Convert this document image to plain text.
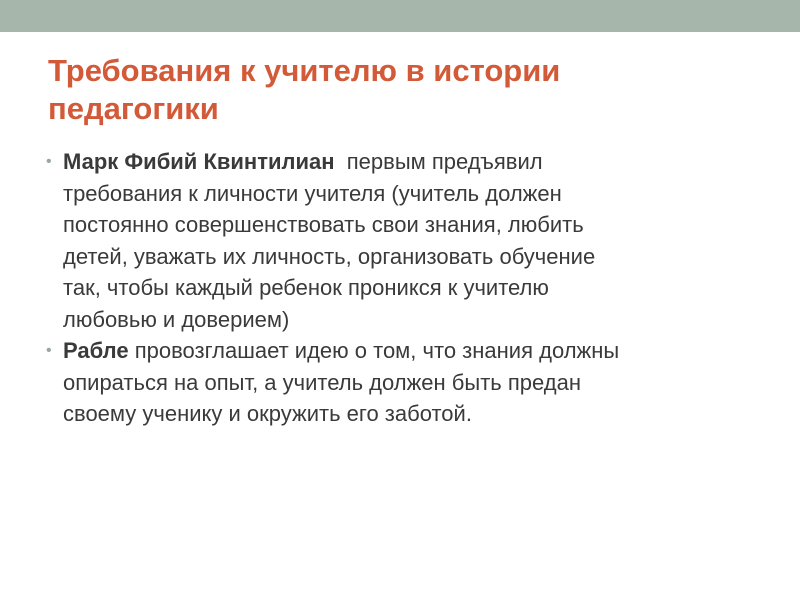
Требования к учителю в истории
педагогики
• Марк Фибий Квинтилиан  первым предъявил
требования к личности учителя (учитель должен
постоянно совершенствовать свои знания, любить
детей, уважать их личность, организовать обучение
так, чтобы каждый ребенок проникся к учителю
любовью и доверием)
• Рабле провозглашает идею о том, что знания должны
опираться на опыт, а учитель должен быть предан
своему ученику и окружить его заботой.
